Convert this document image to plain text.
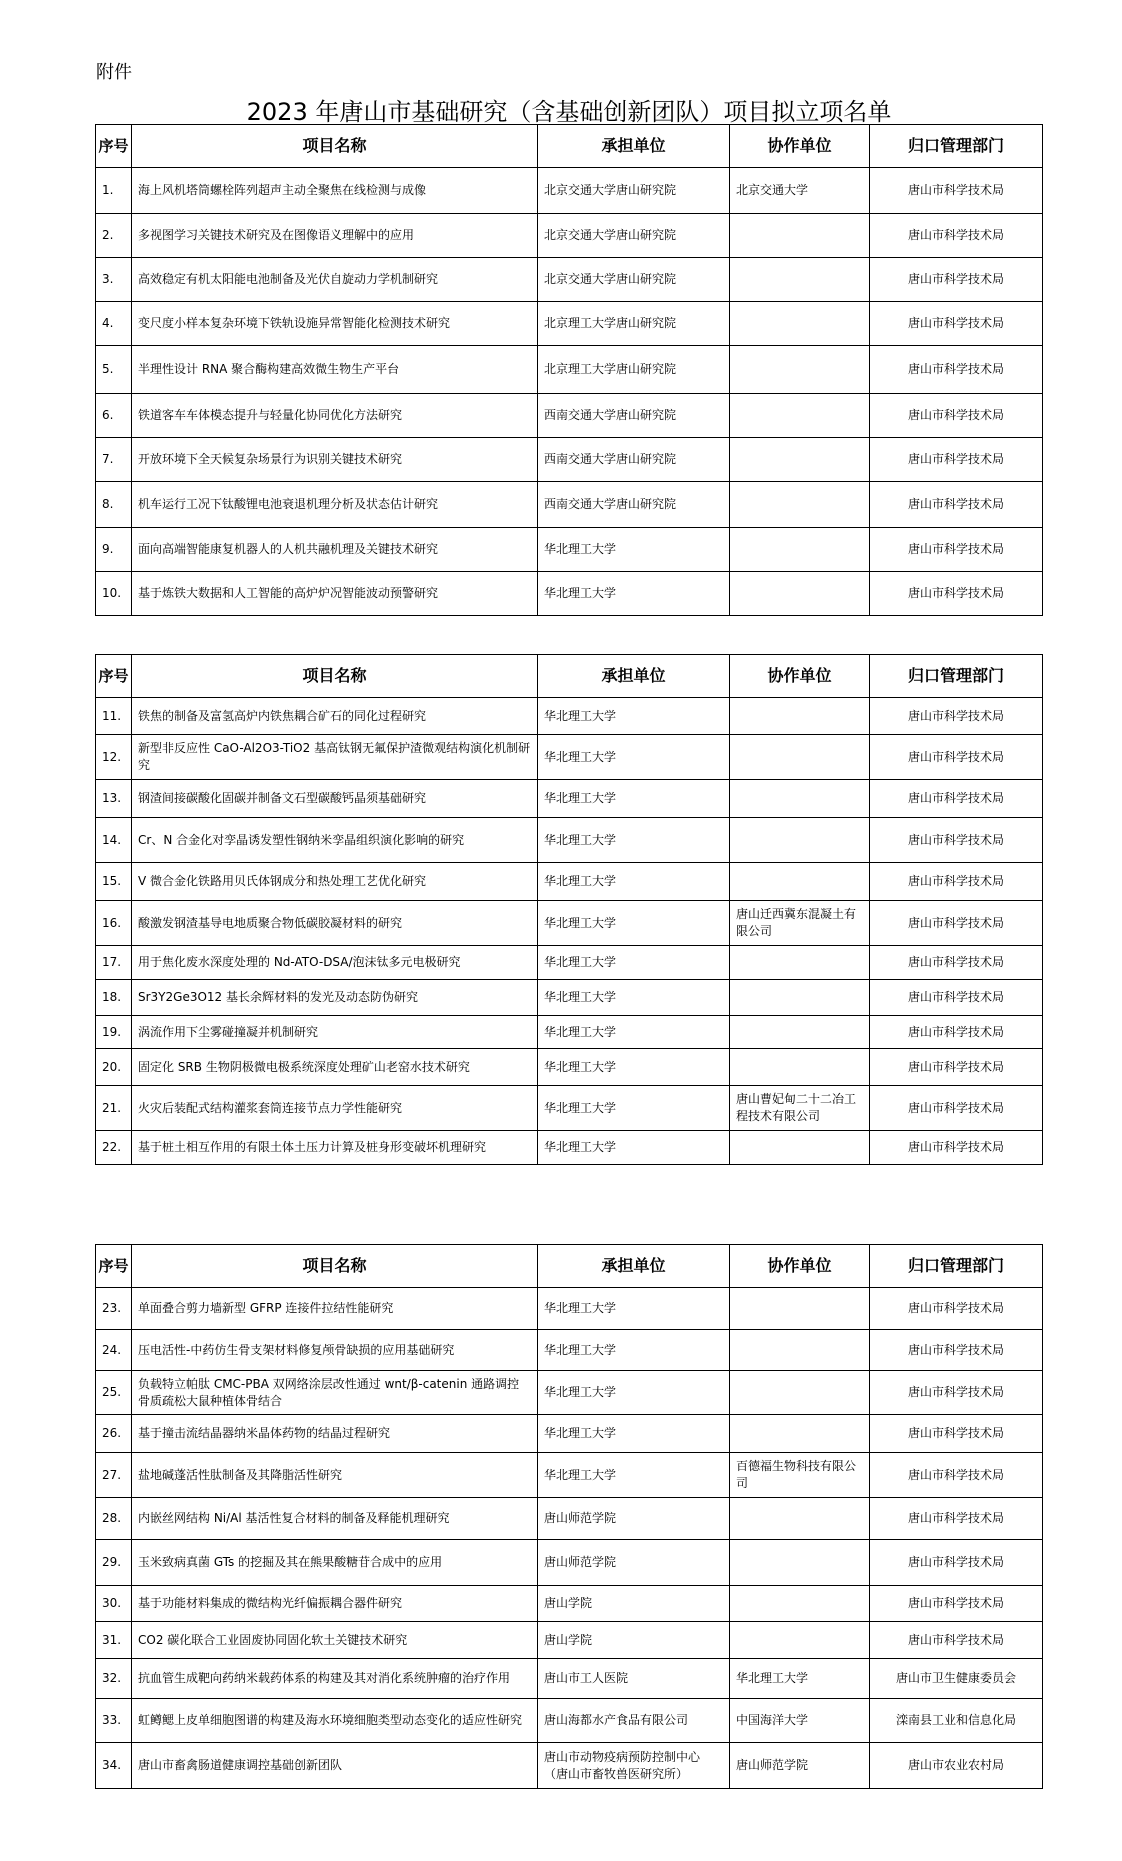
附件
2023 年唐山市基础研究（含基础创新团队）项目拟立项名单
序号	项目名称	承担单位	协作单位	归口管理部门
1.	海上风机塔筒螺栓阵列超声主动全聚焦在线检测与成像	北京交通大学唐山研究院	北京交通大学	唐山市科学技术局
2.	多视图学习关键技术研究及在图像语义理解中的应用	北京交通大学唐山研究院		唐山市科学技术局
3.	高效稳定有机太阳能电池制备及光伏自旋动力学机制研究	北京交通大学唐山研究院		唐山市科学技术局
4.	变尺度小样本复杂环境下铁轨设施异常智能化检测技术研究	北京理工大学唐山研究院		唐山市科学技术局
5.	半理性设计 RNA 聚合酶构建高效微生物生产平台	北京理工大学唐山研究院		唐山市科学技术局
6.	铁道客车车体模态提升与轻量化协同优化方法研究	西南交通大学唐山研究院		唐山市科学技术局
7.	开放环境下全天候复杂场景行为识别关键技术研究	西南交通大学唐山研究院		唐山市科学技术局
8.	机车运行工况下钛酸锂电池衰退机理分析及状态估计研究	西南交通大学唐山研究院		唐山市科学技术局
9.	面向高端智能康复机器人的人机共融机理及关键技术研究	华北理工大学		唐山市科学技术局
10.	基于炼铁大数据和人工智能的高炉炉况智能波动预警研究	华北理工大学		唐山市科学技术局
序号	项目名称	承担单位	协作单位	归口管理部门
11.	铁焦的制备及富氢高炉内铁焦耦合矿石的同化过程研究	华北理工大学		唐山市科学技术局
12.	新型非反应性 CaO-Al2O3-TiO2 基高钛钢无氟保护渣微观结构演化机制研究	华北理工大学		唐山市科学技术局
13.	钢渣间接碳酸化固碳并制备文石型碳酸钙晶须基础研究	华北理工大学		唐山市科学技术局
14.	Cr、N 合金化对孪晶诱发塑性钢纳米孪晶组织演化影响的研究	华北理工大学		唐山市科学技术局
15.	V 微合金化铁路用贝氏体钢成分和热处理工艺优化研究	华北理工大学		唐山市科学技术局
16.	酸激发钢渣基导电地质聚合物低碳胶凝材料的研究	华北理工大学	唐山迁西冀东混凝土有限公司	唐山市科学技术局
17.	用于焦化废水深度处理的 Nd-ATO-DSA/泡沫钛多元电极研究	华北理工大学		唐山市科学技术局
18.	Sr3Y2Ge3O12 基长余辉材料的发光及动态防伪研究	华北理工大学		唐山市科学技术局
19.	涡流作用下尘雾碰撞凝并机制研究	华北理工大学		唐山市科学技术局
20.	固定化 SRB 生物阴极微电极系统深度处理矿山老窑水技术研究	华北理工大学		唐山市科学技术局
21.	火灾后装配式结构灌浆套筒连接节点力学性能研究	华北理工大学	唐山曹妃甸二十二冶工程技术有限公司	唐山市科学技术局
22.	基于桩土相互作用的有限土体土压力计算及桩身形变破坏机理研究	华北理工大学		唐山市科学技术局
序号	项目名称	承担单位	协作单位	归口管理部门
23.	单面叠合剪力墙新型 GFRP 连接件拉结性能研究	华北理工大学		唐山市科学技术局
24.	压电活性-中药仿生骨支架材料修复颅骨缺损的应用基础研究	华北理工大学		唐山市科学技术局
25.	负载特立帕肽 CMC-PBA 双网络涂层改性通过 wnt/β-catenin 通路调控骨质疏松大鼠种植体骨结合	华北理工大学		唐山市科学技术局
26.	基于撞击流结晶器纳米晶体药物的结晶过程研究	华北理工大学		唐山市科学技术局
27.	盐地碱蓬活性肽制备及其降脂活性研究	华北理工大学	百德福生物科技有限公司	唐山市科学技术局
28.	内嵌丝网结构 Ni/Al 基活性复合材料的制备及释能机理研究	唐山师范学院		唐山市科学技术局
29.	玉米致病真菌 GTs 的挖掘及其在熊果酸糖苷合成中的应用	唐山师范学院		唐山市科学技术局
30.	基于功能材料集成的微结构光纤偏振耦合器件研究	唐山学院		唐山市科学技术局
31.	CO2 碳化联合工业固废协同固化软土关键技术研究	唐山学院		唐山市科学技术局
32.	抗血管生成靶向药纳米载药体系的构建及其对消化系统肿瘤的治疗作用	唐山市工人医院	华北理工大学	唐山市卫生健康委员会
33.	虹鳟鳃上皮单细胞图谱的构建及海水环境细胞类型动态变化的适应性研究	唐山海都水产食品有限公司	中国海洋大学	滦南县工业和信息化局
34.	唐山市畜禽肠道健康调控基础创新团队	唐山市动物疫病预防控制中心（唐山市畜牧兽医研究所）	唐山师范学院	唐山市农业农村局
